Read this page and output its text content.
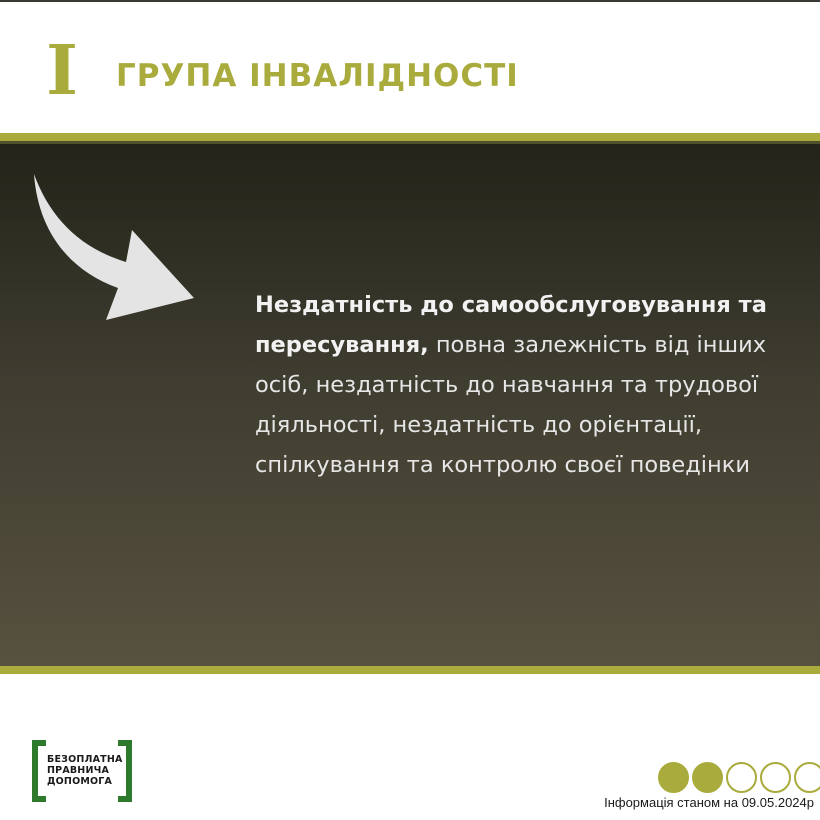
I ГРУПА ІНВАЛІДНОСТІ
Нездатність до самообслуговування та пересування, повна залежність від інших осіб, нездатність до навчання та трудової діяльності, нездатність до орієнтації, спілкування та контролю своєї поведінки
БЕЗОПЛАТНА
ПРАВНИЧА
ДОПОМОГА
Інформація станом на 09.05.2024р
